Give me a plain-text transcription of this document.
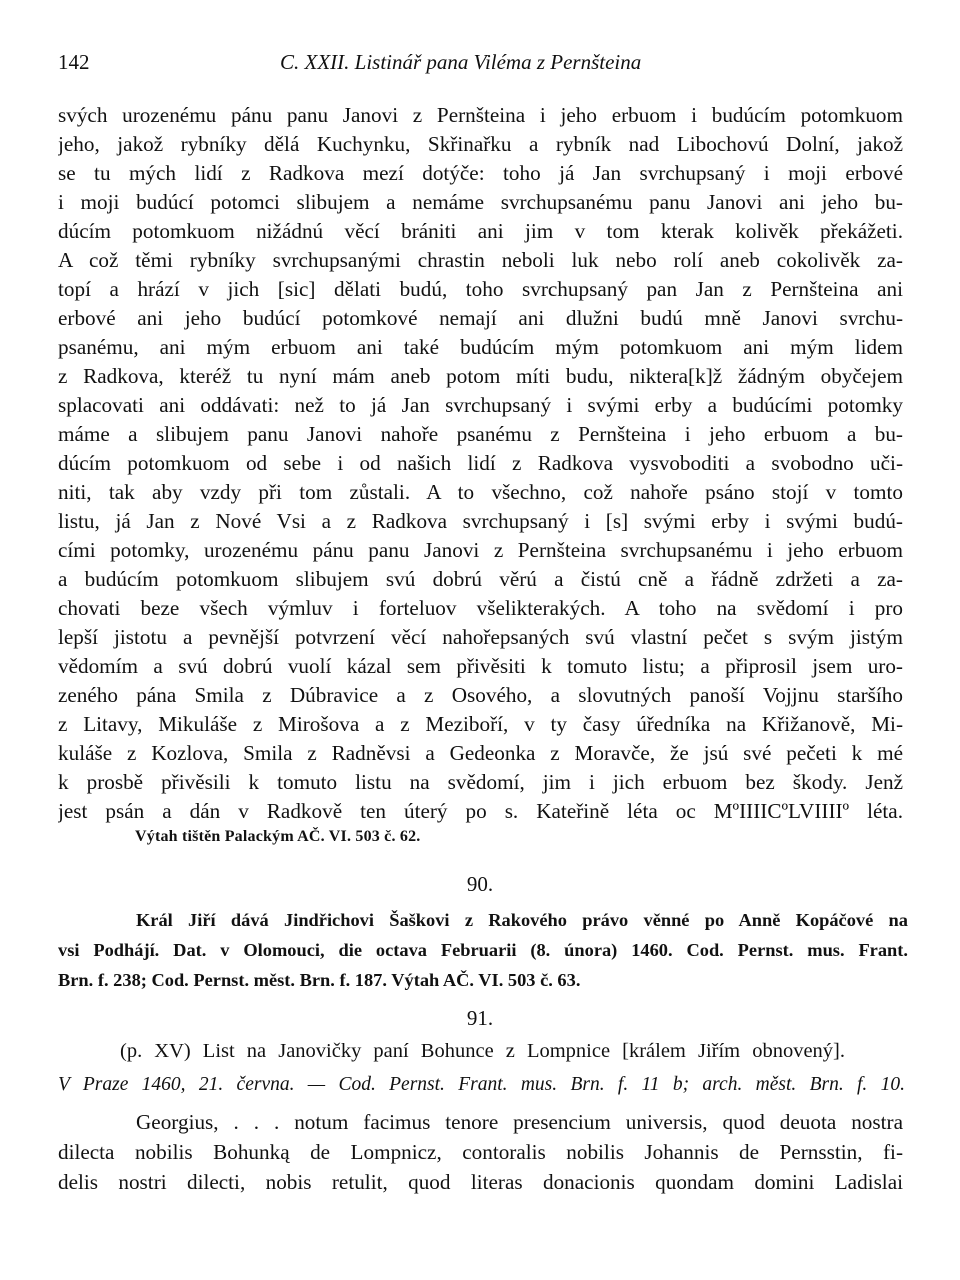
142	C. XXII. Listinář pana Viléma z Pernšteina
svých urozenému pánu panu Janovi z Pernšteina i jeho erbuom i budúcím potomkuom
jeho, jakož rybníky dělá Kuchynku, Skřinařku a rybník nad Libochovú Dolní, jakož
se tu mých lidí z Radkova mezí dotýče: toho já Jan svrchupsaný i moji erbové
i moji budúcí potomci slibujem a nemáme svrchupsanému panu Janovi ani jeho bu-
dúcím potomkuom nižádnú věcí brániti ani jim v tom kterak kolivěk překážeti.
A což těmi rybníky svrchupsanými chrastin neboli luk nebo rolí aneb cokolivěk za-
topí a hrází v jich [sic] dělati budú, toho svrchupsaný pan Jan z Pernšteina ani
erbové ani jeho budúcí potomkové nemají ani dlužni budú mně Janovi svrchu-
psanému, ani mým erbuom ani také budúcím mým potomkuom ani mým lidem
z Radkova, kteréž tu nyní mám aneb potom míti budu, niktera[k]ž žádným obyčejem
splacovati ani oddávati: než to já Jan svrchupsaný i svými erby a budúcími potomky
máme a slibujem panu Janovi nahoře psanému z Pernšteina i jeho erbuom a bu-
dúcím potomkuom od sebe i od našich lidí z Radkova vysvoboditi a svobodno uči-
niti, tak aby vzdy při tom zůstali. A to všechno, což nahoře psáno stojí v tomto
listu, já Jan z Nové Vsi a z Radkova svrchupsaný i [s] svými erby i svými budú-
cími potomky, urozenému pánu panu Janovi z Pernšteina svrchupsanému i jeho erbuom
a budúcím potomkuom slibujem svú dobrú věrú a čistú cně a řádně zdržeti a za-
chovati beze všech výmluv i forteluov všelikterakých. A toho na svědomí i pro
lepší jistotu a pevnější potvrzení věcí nahořepsaných svú vlastní pečet s svým jistým
vědomím a svú dobrú vuolí kázal sem přivěsiti k tomuto listu; a připrosil jsem uro-
zeného pána Smila z Dúbravice a z Osového, a slovutných panoší Vojjnu staršího
z Litavy, Mikuláše z Mirošova a z Meziboří, v ty časy úředníka na Křižanově, Mi-
kuláše z Kozlova, Smila z Radněvsi a Gedeonka z Moravče, že jsú své pečeti k mé
k prosbě přivěsili k tomuto listu na svědomí, jim i jich erbuom bez škody. Jenž
jest psán a dán v Radkově ten úterý po s. Kateřině léta oc MºIIIICºLVIIIIº léta.
Výtah tištěn Palackým AČ. VI. 503 č. 62.
90.
Král Jiří dává Jindřichovi Šaškovi z Rakového právo věnné po Anně Kopáčové na
vsi Podhájí. Dat. v Olomouci, die octava Februarii (8. února) 1460. Cod. Pernst. mus. Frant.
Brn. f. 238; Cod. Pernst. měst. Brn. f. 187. Výtah AČ. VI. 503 č. 63.
91.
(p. XV) List na Janovičky paní Bohunce z Lompnice [králem Jiřím obnovený].
V Praze 1460, 21. června. — Cod. Pernst. Frant. mus. Brn. f. 11 b; arch. měst. Brn. f. 10.
Georgius, . . . notum facimus tenore presencium universis, quod deuota nostra
dilecta nobilis Bohunką de Lompnicz, contoralis nobilis Johannis de Pernsstin, fi-
delis nostri dilecti, nobis retulit, quod literas donacionis quondam domini Ladislai
